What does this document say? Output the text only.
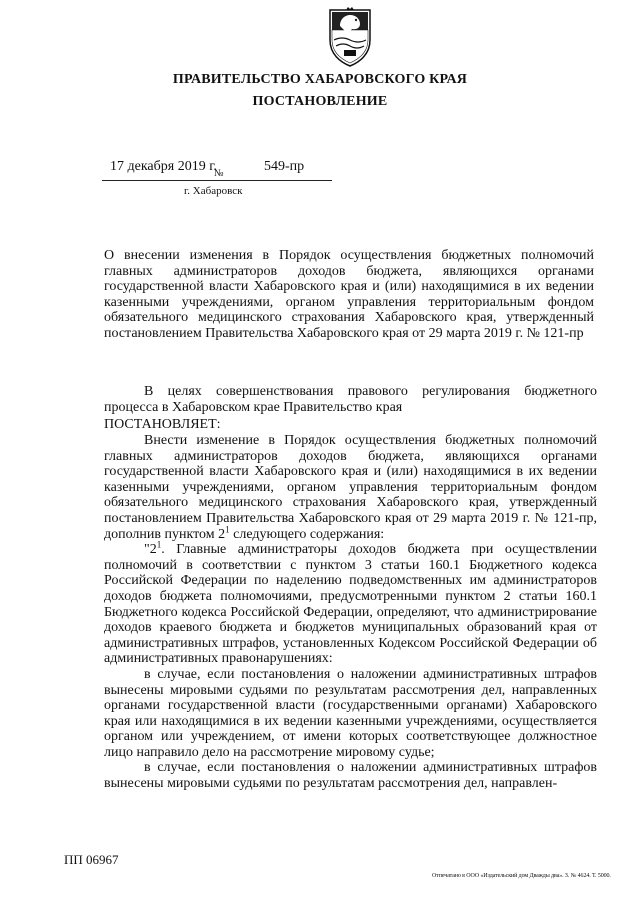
ПРАВИТЕЛЬСТВО ХАБАРОВСКОГО КРАЯ
ПОСТАНОВЛЕНИЕ
17 декабря 2019 г.
№	549-пр
г. Хабаровск
О внесении изменения в Порядок осуществления бюджетных полномочий главных администраторов доходов бюджета, являющихся органами государственной власти Хабаровского края и (или) находящимися в их ведении казенными учреждениями, органом управления территориальным фондом обязательного медицинского страхования Хабаровского края, утвержденный постановлением Правительства Хабаровского края от 29 марта 2019 г. № 121-пр

В целях совершенствования правового регулирования бюджетного процесса в Хабаровском крае Правительство края

ПОСТАНОВЛЯЕТ:

Внести изменение в Порядок осуществления бюджетных полномочий главных администраторов доходов бюджета, являющихся органами государственной власти Хабаровского края и (или) находящимися в их ведении казенными учреждениями, органом управления территориальным фондом обязательного медицинского страхования Хабаровского края, утвержденный постановлением Правительства Хабаровского края от 29 марта 2019 г. № 121-пр, дополнив пунктом $2^1$ следующего содержания:

"$2^1$. Главные администраторы доходов бюджета при осуществлении полномочий в соответствии с пунктом 3 статьи 160.1 Бюджетного кодекса Российской Федерации по наделению подведомственных им администраторов доходов бюджета полномочиями, предусмотренными пунктом 2 статьи 160.1 Бюджетного кодекса Российской Федерации, определяют, что администрирование доходов краевого бюджета и бюджетов муниципальных образований края от административных штрафов, установленных Кодексом Российской Федерации об административных правонарушениях:

в случае, если постановления о наложении административных штрафов вынесены мировыми судьями по результатам рассмотрения дел, направленных органами государственной власти (государственными органами) Хабаровского края или находящимися в их ведении казенными учреждениями, осуществляется органом или учреждением, от имени которых соответствующее должностное лицо направило дело на рассмотрение мировому судье;

в случае, если постановления о наложении административных штрафов вынесены мировыми судьями по результатам рассмотрения дел, направлен-

ПП 06967
Отпечатано в ООО «Издательский дом Дважды два». З. № 4624. Т. 5000.
